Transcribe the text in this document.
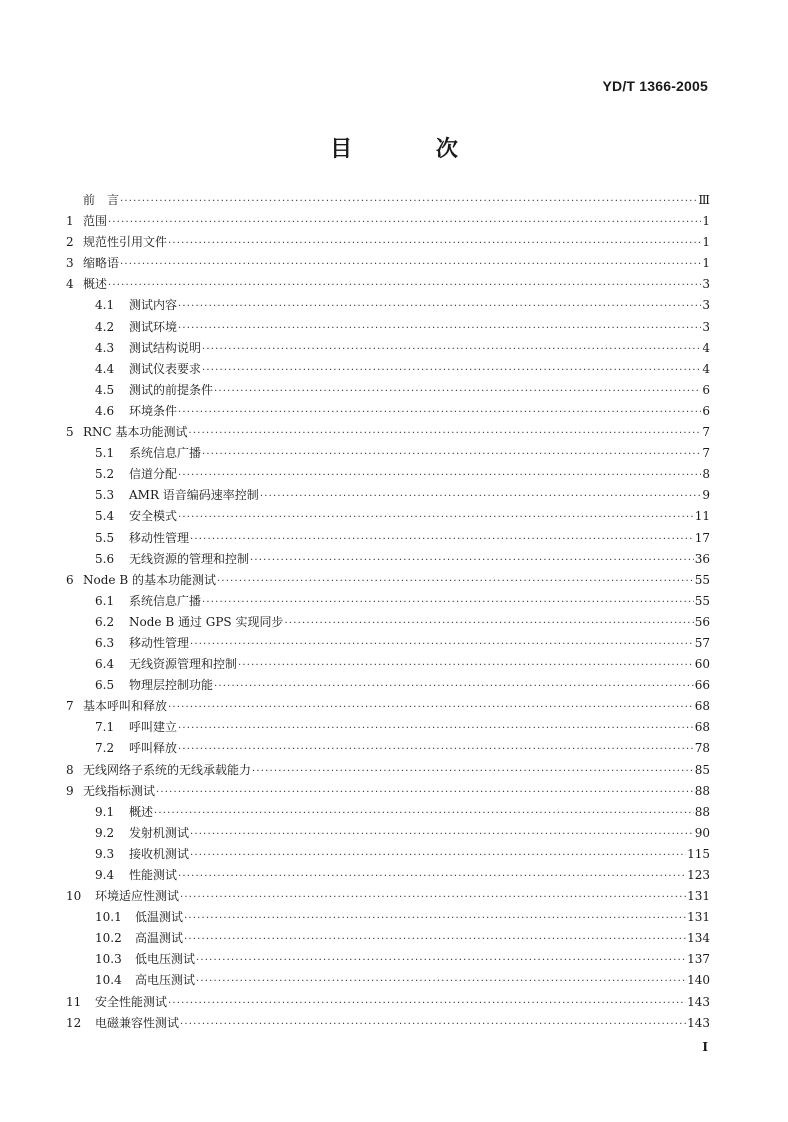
YD/T 1366-2005
目 次
前　言 ·····	Ⅲ
1 范围 ·····	1
2 规范性引用文件 ·····	1
3 缩略语 ·····	1
4 概述 ·····	3
4.1	测试内容 ·····	3
4.2	测试环境 ·····	3
4.3	测试结构说明 ·····	4
4.4	测试仪表要求 ·····	4
4.5	测试的前提条件 ·····	6
4.6	环境条件 ·····	6
5 RNC 基本功能测试 ·····	7
5.1	系统信息广播 ·····	7
5.2	信道分配 ·····	8
5.3	AMR 语音编码速率控制 ·····	9
5.4	安全模式 ·····	11
5.5	移动性管理 ·····	17
5.6	无线资源的管理和控制 ·····	36
6 Node B 的基本功能测试 ·····	55
6.1	系统信息广播 ·····	55
6.2	Node B 通过 GPS 实现同步 ·····	56
6.3	移动性管理 ·····	57
6.4	无线资源管理和控制 ·····	60
6.5	物理层控制功能 ·····	66
7 基本呼叫和释放 ·····	68
7.1	呼叫建立 ·····	68
7.2	呼叫释放 ·····	78
8 无线网络子系统的无线承载能力 ·····	85
9 无线指标测试 ·····	88
9.1	概述 ·····	88
9.2	发射机测试 ·····	90
9.3	接收机测试 ·····	115
9.4	性能测试 ·····	123
10	环境适应性测试 ·····	131
10.1	低温测试 ·····	131
10.2	高温测试 ·····	134
10.3	低电压测试 ·····	137
10.4	高电压测试 ·····	140
11	安全性能测试 ·····	143
12	电磁兼容性测试 ·····	143
I
